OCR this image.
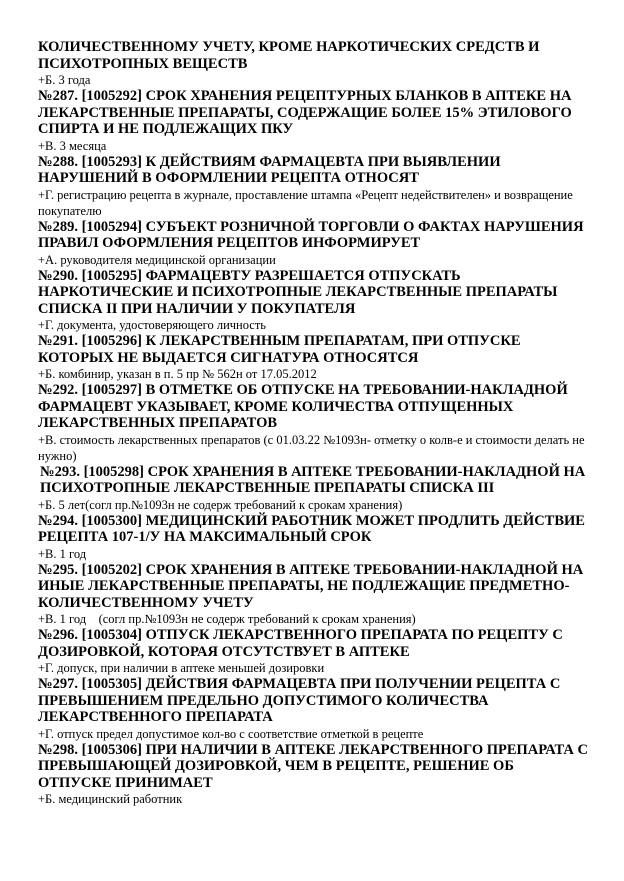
КОЛИЧЕСТВЕННОМУ УЧЕТУ, КРОМЕ НАРКОТИЧЕСКИХ СРЕДСТВ И ПСИХОТРОПНЫХ ВЕЩЕСТВ

+Б. 3 года

№287. [1005292] СРОК ХРАНЕНИЯ РЕЦЕПТУРНЫХ БЛАНКОВ В АПТЕКЕ НА ЛЕКАРСТВЕННЫЕ ПРЕПАРАТЫ, СОДЕРЖАЩИЕ БОЛЕЕ 15% ЭТИЛОВОГО СПИРТА И НЕ ПОДЛЕЖАЩИХ ПКУ

+В. 3 месяца

№288. [1005293] К ДЕЙСТВИЯМ ФАРМАЦЕВТА ПРИ ВЫЯВЛЕНИИ НАРУШЕНИЙ В ОФОРМЛЕНИИ РЕЦЕПТА ОТНОСЯТ

+Г. регистрацию рецепта в журнале, проставление штампа «Рецепт недействителен» и возвращение покупателю

№289. [1005294] СУБЪЕКТ РОЗНИЧНОЙ ТОРГОВЛИ О ФАКТАХ НАРУШЕНИЯ ПРАВИЛ ОФОРМЛЕНИЯ РЕЦЕПТОВ ИНФОРМИРУЕТ

+А. руководителя медицинской организации

№290. [1005295] ФАРМАЦЕВТУ РАЗРЕШАЕТСЯ ОТПУСКАТЬ НАРКОТИЧЕСКИЕ И ПСИХОТРОПНЫЕ ЛЕКАРСТВЕННЫЕ ПРЕПАРАТЫ СПИСКА II ПРИ НАЛИЧИИ У ПОКУПАТЕЛЯ

+Г. документа, удостоверяющего личность

№291. [1005296] К ЛЕКАРСТВЕННЫМ ПРЕПАРАТАМ, ПРИ ОТПУСКЕ КОТОРЫХ НЕ ВЫДАЕТСЯ СИГНАТУРА ОТНОСЯТСЯ

+Б. комбинир, указан в п. 5 пр № 562н от 17.05.2012

№292. [1005297] В ОТМЕТКЕ ОБ ОТПУСКЕ НА ТРЕБОВАНИИ-НАКЛАДНОЙ ФАРМАЦЕВТ УКАЗЫВАЕТ, КРОМЕ КОЛИЧЕСТВА ОТПУЩЕННЫХ ЛЕКАРСТВЕННЫХ ПРЕПАРАТОВ

+В. стоимость лекарственных препаратов (с 01.03.22 №1093н- отметку о колв-е и стоимости делать не нужно)

№293. [1005298] СРОК ХРАНЕНИЯ В АПТЕКЕ ТРЕБОВАНИИ-НАКЛАДНОЙ НА ПСИХОТРОПНЫЕ ЛЕКАРСТВЕННЫЕ ПРЕПАРАТЫ СПИСКА III

+Б. 5 лет(согл пр.№1093н не содерж требований к срокам хранения)

№294. [1005300] МЕДИЦИНСКИЙ РАБОТНИК МОЖЕТ ПРОДЛИТЬ ДЕЙСТВИЕ РЕЦЕПТА 107-1/У НА МАКСИМАЛЬНЫЙ СРОК

+В. 1 год

№295. [1005202] СРОК ХРАНЕНИЯ В АПТЕКЕ ТРЕБОВАНИИ-НАКЛАДНОЙ НА ИНЫЕ ЛЕКАРСТВЕННЫЕ ПРЕПАРАТЫ, НЕ ПОДЛЕЖАЩИЕ ПРЕДМЕТНО-КОЛИЧЕСТВЕННОМУ УЧЕТУ

+В. 1 год    (согл пр.№1093н не содерж требований к срокам хранения)

№296. [1005304] ОТПУСК ЛЕКАРСТВЕННОГО ПРЕПАРАТА ПО РЕЦЕПТУ С ДОЗИРОВКОЙ, КОТОРАЯ ОТСУТСТВУЕТ В АПТЕКЕ

+Г. допуск, при наличии в аптеке меньшей дозировки

№297. [1005305] ДЕЙСТВИЯ ФАРМАЦЕВТА ПРИ ПОЛУЧЕНИИ РЕЦЕПТА С ПРЕВЫШЕНИЕМ ПРЕДЕЛЬНО ДОПУСТИМОГО КОЛИЧЕСТВА ЛЕКАРСТВЕННОГО ПРЕПАРАТА

+Г. отпуск предел допустимое кол-во с соответствие отметкой в рецепте

№298. [1005306] ПРИ НАЛИЧИИ В АПТЕКЕ ЛЕКАРСТВЕННОГО ПРЕПАРАТА С ПРЕВЫШАЮЩЕЙ ДОЗИРОВКОЙ, ЧЕМ В РЕЦЕПТЕ, РЕШЕНИЕ ОБ ОТПУСКЕ ПРИНИМАЕТ

+Б. медицинский работник
